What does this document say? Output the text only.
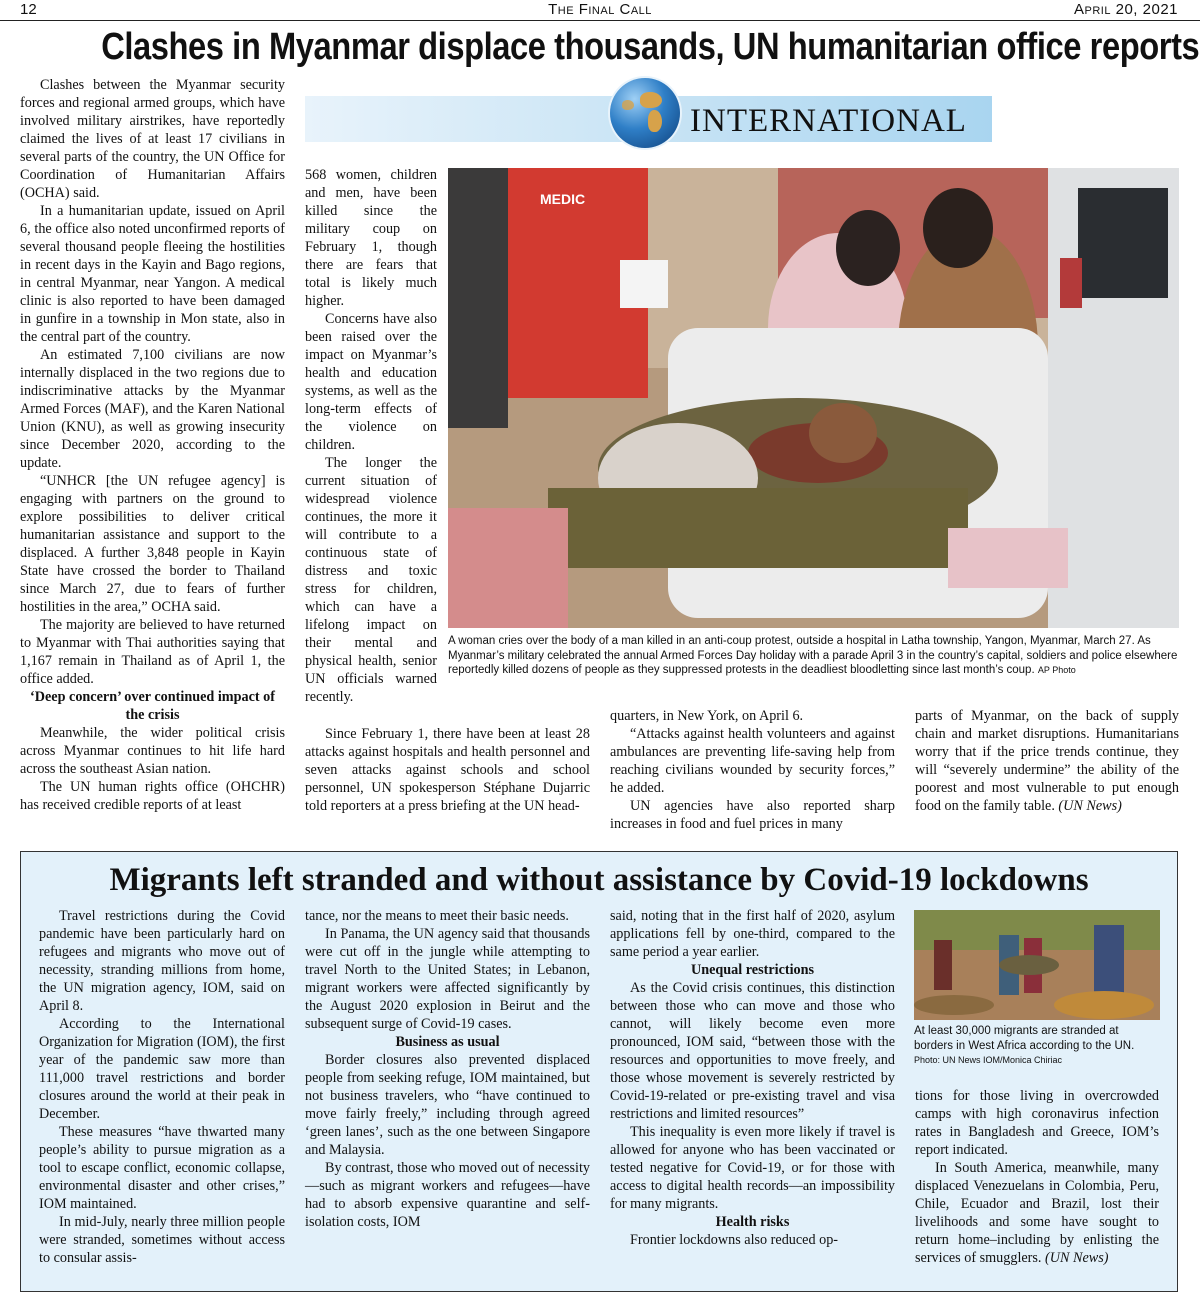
12	The Final Call	April 20, 2021
Clashes in Myanmar displace thousands, UN humanitarian office reports
INTERNATIONAL

Clashes between the Myanmar security forces and regional armed groups, which have involved military airstrikes, have reportedly claimed the lives of at least 17 civilians in several parts of the country, the UN Office for Coordination of Humanitarian Affairs (OCHA) said.

In a humanitarian update, issued on April 6, the office also noted unconfirmed reports of several thousand people fleeing the hostilities in recent days in the Kayin and Bago regions, in central Myanmar, near Yangon. A medical clinic is also reported to have been damaged in gunfire in a township in Mon state, also in the central part of the country.

An estimated 7,100 civilians are now internally displaced in the two regions due to indiscriminative attacks by the Myanmar Armed Forces (MAF), and the Karen National Union (KNU), as well as growing insecurity since December 2020, according to the update.

“UNHCR [the UN refugee agency] is engaging with partners on the ground to explore possibilities to deliver critical humanitarian assistance and support to the displaced. A further 3,848 people in Kayin State have crossed the border to Thailand since March 27, due to fears of further hostilities in the area,” OCHA said.

The majority are believed to have returned to Myanmar with Thai authorities saying that 1,167 remain in Thailand as of April 1, the office added.

‘Deep concern’ over continued impact of the crisis

Meanwhile, the wider political crisis across Myanmar continues to hit life hard across the southeast Asian nation.

The UN human rights office (OHCHR) has received credible reports of at least

568 women, children and men, have been killed since the military coup on February 1, though there are fears that total is likely much higher.

Concerns have also been raised over the impact on Myanmar’s health and education systems, as well as the long-term effects of the violence on children.

The longer the current situation of widespread violence continues, the more it will contribute to a continuous state of distress and toxic stress for children, which can have a lifelong impact on their mental and physical health, senior UN officials warned recently.

Since February 1, there have been at least 28 attacks against hospitals and health personnel and seven attacks against schools and school personnel, UN spokesperson Stéphane Dujarric told reporters at a press briefing at the UN head-

MEDIC
A woman cries over the body of a man killed in an anti-coup protest, outside a hospital in Latha township, Yangon, Myanmar, March 27. As Myanmar’s military celebrated the annual Armed Forces Day holiday with a parade April 3 in the country’s capital, soldiers and police elsewhere reportedly killed dozens of people as they suppressed protests in the deadliest bloodletting since last month’s coup. AP Photo

quarters, in New York, on April 6.

“Attacks against health volunteers and against ambulances are preventing life-saving help from reaching civilians wounded by security forces,” he added.

UN agencies have also reported sharp increases in food and fuel prices in many

parts of Myanmar, on the back of supply chain and market disruptions. Humanitarians worry that if the price trends continue, they will “severely undermine” the ability of the poorest and most vulnerable to put enough food on the family table. (UN News)

Migrants left stranded and without assistance by Covid-19 lockdowns

Travel restrictions during the Covid pandemic have been particularly hard on refugees and migrants who move out of necessity, stranding millions from home, the UN migration agency, IOM, said on April 8.

According to the International Organization for Migration (IOM), the first year of the pandemic saw more than 111,000 travel restrictions and border closures around the world at their peak in December.

These measures “have thwarted many people’s ability to pursue migration as a tool to escape conflict, economic collapse, environmental disaster and other crises,” IOM maintained.

In mid-July, nearly three million people were stranded, sometimes without access to consular assis-

tance, nor the means to meet their basic needs.

In Panama, the UN agency said that thousands were cut off in the jungle while attempting to travel North to the United States; in Lebanon, migrant workers were affected significantly by the August 2020 explosion in Beirut and the subsequent surge of Covid-19 cases.

Business as usual

Border closures also prevented displaced people from seeking refuge, IOM maintained, but not business travelers, who “have continued to move fairly freely,” including through agreed ‘green lanes’, such as the one between Singapore and Malaysia.

By contrast, those who moved out of necessity—such as migrant workers and refugees—have had to absorb expensive quarantine and self-isolation costs, IOM

said, noting that in the first half of 2020, asylum applications fell by one-third, compared to the same period a year earlier.

Unequal restrictions

As the Covid crisis continues, this distinction between those who can move and those who cannot, will likely become even more pronounced, IOM said, “between those with the resources and opportunities to move freely, and those whose movement is severely restricted by Covid-19-related or pre-existing travel and visa restrictions and limited resources”

This inequality is even more likely if travel is allowed for anyone who has been vaccinated or tested negative for Covid-19, or for those with access to digital health records—an impossibility for many migrants.

Health risks

Frontier lockdowns also reduced op-

At least 30,000 migrants are stranded at borders in West Africa according to the UN. Photo: UN News IOM/Monica Chiriac

tions for those living in overcrowded camps with high coronavirus infection rates in Bangladesh and Greece, IOM’s report indicated.

In South America, meanwhile, many displaced Venezuelans in Colombia, Peru, Chile, Ecuador and Brazil, lost their livelihoods and some have sought to return home–including by enlisting the services of smugglers. (UN News)
